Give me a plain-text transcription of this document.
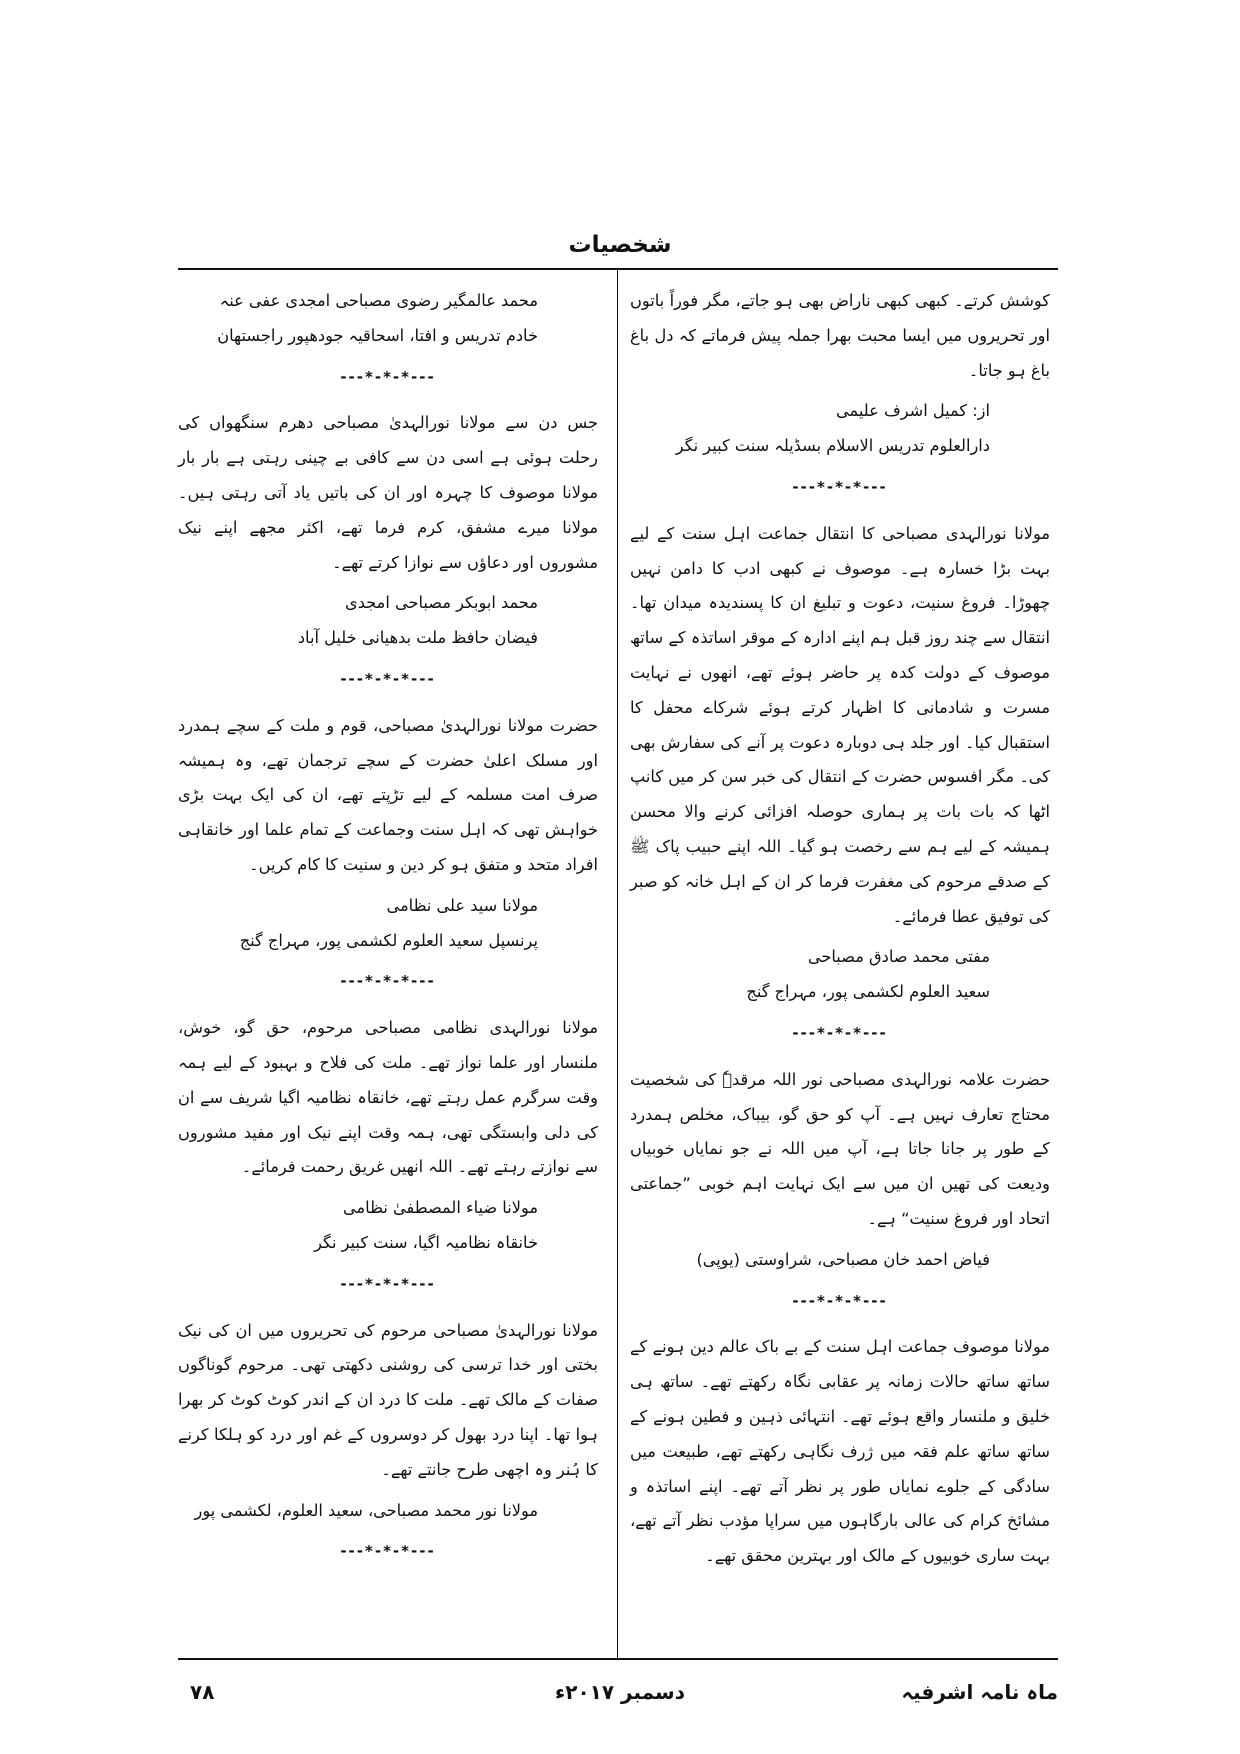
شخصیات
کوشش کرتے۔ کبھی کبھی ناراض بھی ہو جاتے، مگر فوراً باتوں اور تحریروں میں ایسا محبت بھرا جملہ پیش فرماتے کہ دل باغ باغ ہو جاتا۔
از: کمیل اشرف علیمی
دارالعلوم تدریس الاسلام بسڈیلہ سنت کبیر نگر
---*-*-*---
مولانا نورالہدی مصباحی کا انتقال جماعت اہل سنت کے لیے بہت بڑا خسارہ ہے۔ موصوف نے کبھی ادب کا دامن نہیں چھوڑا۔ فروغ سنیت، دعوت و تبلیغ ان کا پسندیدہ میدان تھا۔ انتقال سے چند روز قبل ہم اپنے ادارہ کے موقر اساتذہ کے ساتھ موصوف کے دولت کدہ پر حاضر ہوئے تھے، انھوں نے نہایت مسرت و شادمانی کا اظہار کرتے ہوئے شرکاے محفل کا استقبال کیا۔ اور جلد ہی دوبارہ دعوت پر آنے کی سفارش بھی کی۔ مگر افسوس حضرت کے انتقال کی خبر سن کر میں کانپ اٹھا کہ بات بات پر ہماری حوصلہ افزائی کرنے والا محسن ہمیشہ کے لیے ہم سے رخصت ہو گیا۔ اللہ اپنے حبیب پاک ﷺ کے صدقے مرحوم کی مغفرت فرما کر ان کے اہل خانہ کو صبر کی توفیق عطا فرمائے۔
مفتی محمد صادق مصباحی
سعید العلوم لکشمی پور، مہراج گنج
---*-*-*---
حضرت علامہ نورالہدی مصباحی نور اللہ مرقدہٗ کی شخصیت محتاج تعارف نہیں ہے۔ آپ کو حق گو، بیباک، مخلص ہمدرد کے طور پر جانا جاتا ہے، آپ میں اللہ نے جو نمایاں خوبیاں ودیعت کی تھیں ان میں سے ایک نہایت اہم خوبی ”جماعتی اتحاد اور فروغ سنیت“ ہے۔
فیاض احمد خان مصباحی، شراوستی (یوپی)
---*-*-*---
مولانا موصوف جماعت اہل سنت کے بے باک عالم دین ہونے کے ساتھ ساتھ حالات زمانہ پر عقابی نگاہ رکھتے تھے۔ ساتھ ہی خلیق و ملنسار واقع ہوئے تھے۔ انتہائی ذہین و فطین ہونے کے ساتھ ساتھ علم فقہ میں ژرف نگاہی رکھتے تھے، طبیعت میں سادگی کے جلوے نمایاں طور پر نظر آتے تھے۔ اپنے اساتذہ و مشائخ کرام کی عالی بارگاہوں میں سراپا مؤدب نظر آتے تھے، بہت ساری خوبیوں کے مالک اور بہترین محقق تھے۔
محمد عالمگیر رضوی مصباحی امجدی عفی عنہ
خادم تدریس و افتا، اسحاقیہ جودھپور راجستھان
---*-*-*---
جس دن سے مولانا نورالہدیٰ مصباحی دھرم سنگھواں کی رحلت ہوئی ہے اسی دن سے کافی بے چینی رہتی ہے بار بار مولانا موصوف کا چہرہ اور ان کی باتیں یاد آتی رہتی ہیں۔ مولانا میرے مشفق، کرم فرما تھے، اکثر مجھے اپنے نیک مشوروں اور دعاؤں سے نوازا کرتے تھے۔
محمد ابوبکر مصباحی امجدی
فیضان حافظ ملت بدھیانی خلیل آباد
---*-*-*---
حضرت مولانا نورالہدیٰ مصباحی، قوم و ملت کے سچے ہمدرد اور مسلک اعلیٰ حضرت کے سچے ترجمان تھے، وہ ہمیشہ صرف امت مسلمہ کے لیے تڑپتے تھے، ان کی ایک بہت بڑی خواہش تھی کہ اہل سنت وجماعت کے تمام علما اور خانقاہی افراد متحد و متفق ہو کر دین و سنیت کا کام کریں۔
مولانا سید علی نظامی
پرنسپل سعید العلوم لکشمی پور، مہراج گنج
---*-*-*---
مولانا نورالہدی نظامی مصباحی مرحوم، حق گو، خوش، ملنسار اور علما نواز تھے۔ ملت کی فلاح و بہبود کے لیے ہمہ وقت سرگرم عمل رہتے تھے، خانقاہ نظامیہ اگیا شریف سے ان کی دلی وابستگی تھی، ہمہ وقت اپنے نیک اور مفید مشوروں سے نوازتے رہتے تھے۔ اللہ انھیں غریق رحمت فرمائے۔
مولانا ضیاء المصطفیٰ نظامی
خانقاہ نظامیہ اگیا، سنت کبیر نگر
---*-*-*---
مولانا نورالہدیٰ مصباحی مرحوم کی تحریروں میں ان کی نیک بختی اور خدا ترسی کی روشنی دکھتی تھی۔ مرحوم گوناگوں صفات کے مالک تھے۔ ملت کا درد ان کے اندر کوٹ کوٹ کر بھرا ہوا تھا۔ اپنا درد بھول کر دوسروں کے غم اور درد کو ہلکا کرنے کا ہُنر وہ اچھی طرح جانتے تھے۔
مولانا نور محمد مصباحی، سعید العلوم، لکشمی پور
---*-*-*---
ماہ نامہ اشرفیہ
دسمبر ۲۰۱۷ء
۷۸
